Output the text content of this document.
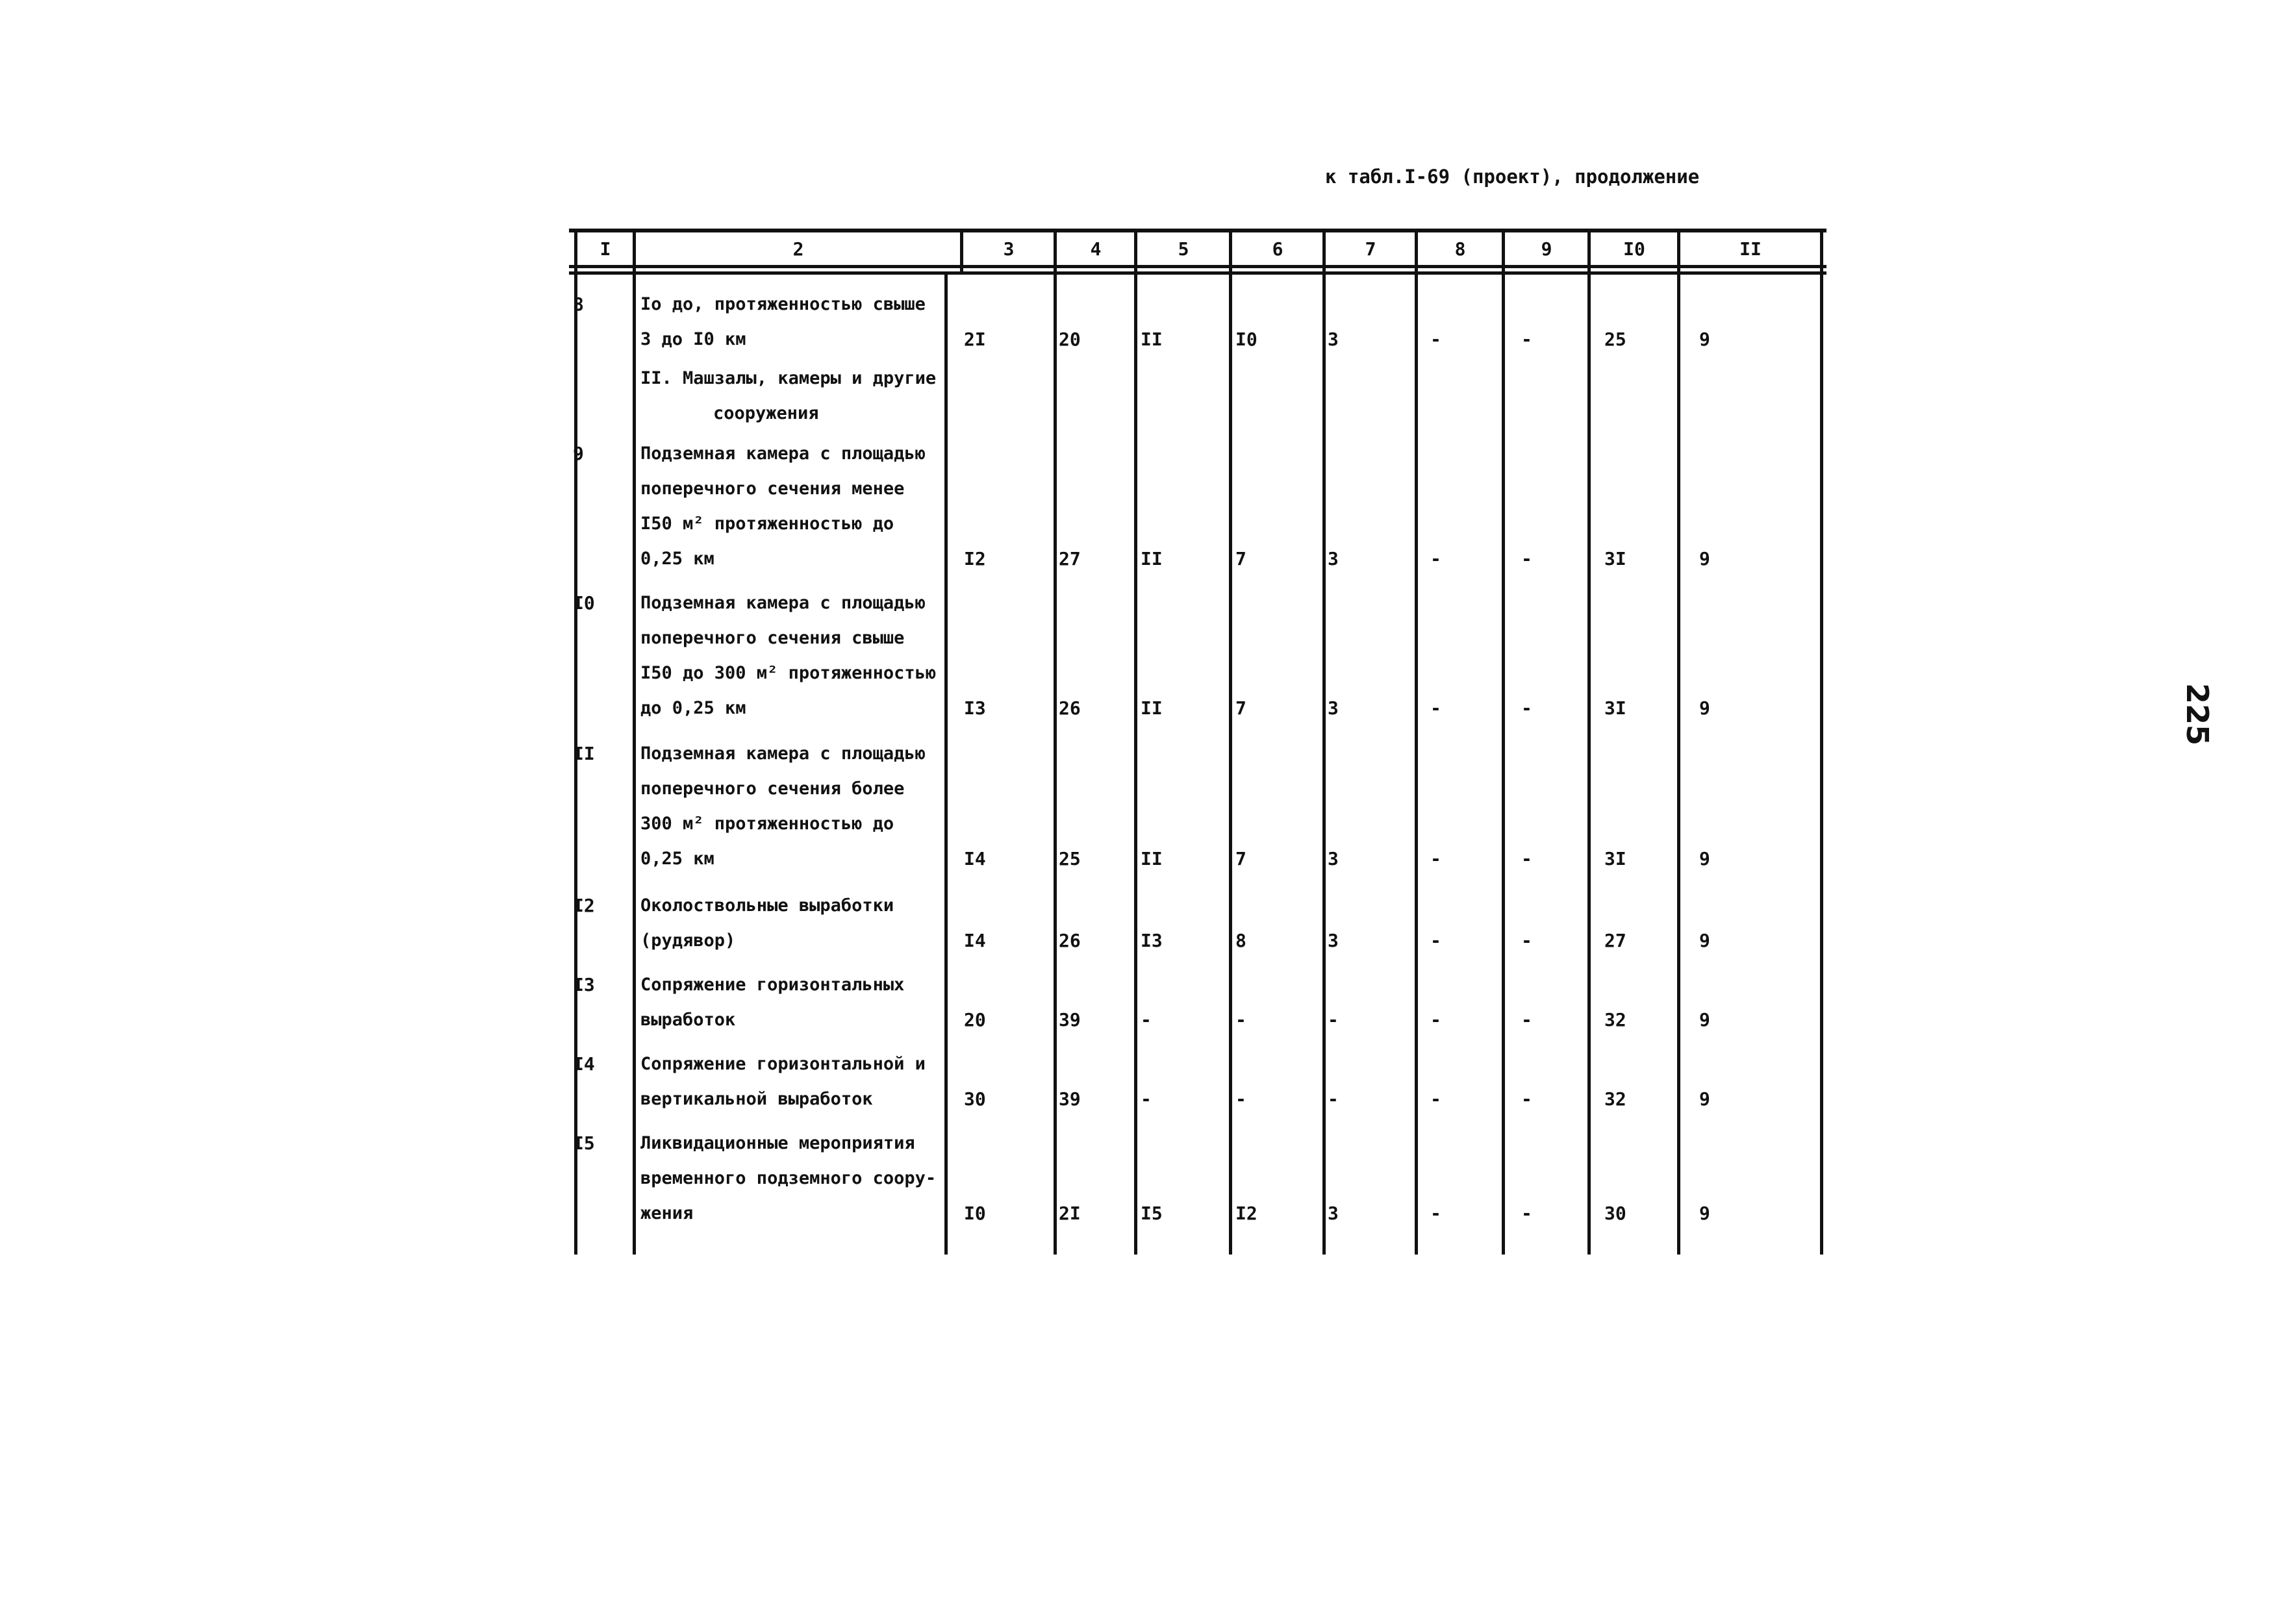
к табл.I-69 (проект), продолжение
225
I	2	3	4	5	6	7	8	9	I0	II
8	Io до, протяженностью свыше
3 до I0 км	2I	20	II	I0	3	-	-	25	9
II. Машзалы, камеры и другие
сооружения
9	Подземная камера с площадью
поперечного сечения менее
I50 м² протяженностью до
0,25 км	I2	27	II	7	3	-	-	3I	9
I0	Подземная камера с площадью
поперечного сечения свыше
I50 до 300 м² протяженностью
до 0,25 км	I3	26	II	7	3	-	-	3I	9
II	Подземная камера с площадью
поперечного сечения более
300 м² протяженностью до
0,25 км	I4	25	II	7	3	-	-	3I	9
I2	Околоствольные выработки
(рудявор)	I4	26	I3	8	3	-	-	27	9
I3	Сопряжение горизонтальных
выработок	20	39	-	-	-	-	-	32	9
I4	Сопряжение горизонтальной и
вертикальной выработок	30	39	-	-	-	-	-	32	9
I5	Ликвидационные мероприятия
временного подземного соору-
жения	I0	2I	I5	I2	3	-	-	30	9
